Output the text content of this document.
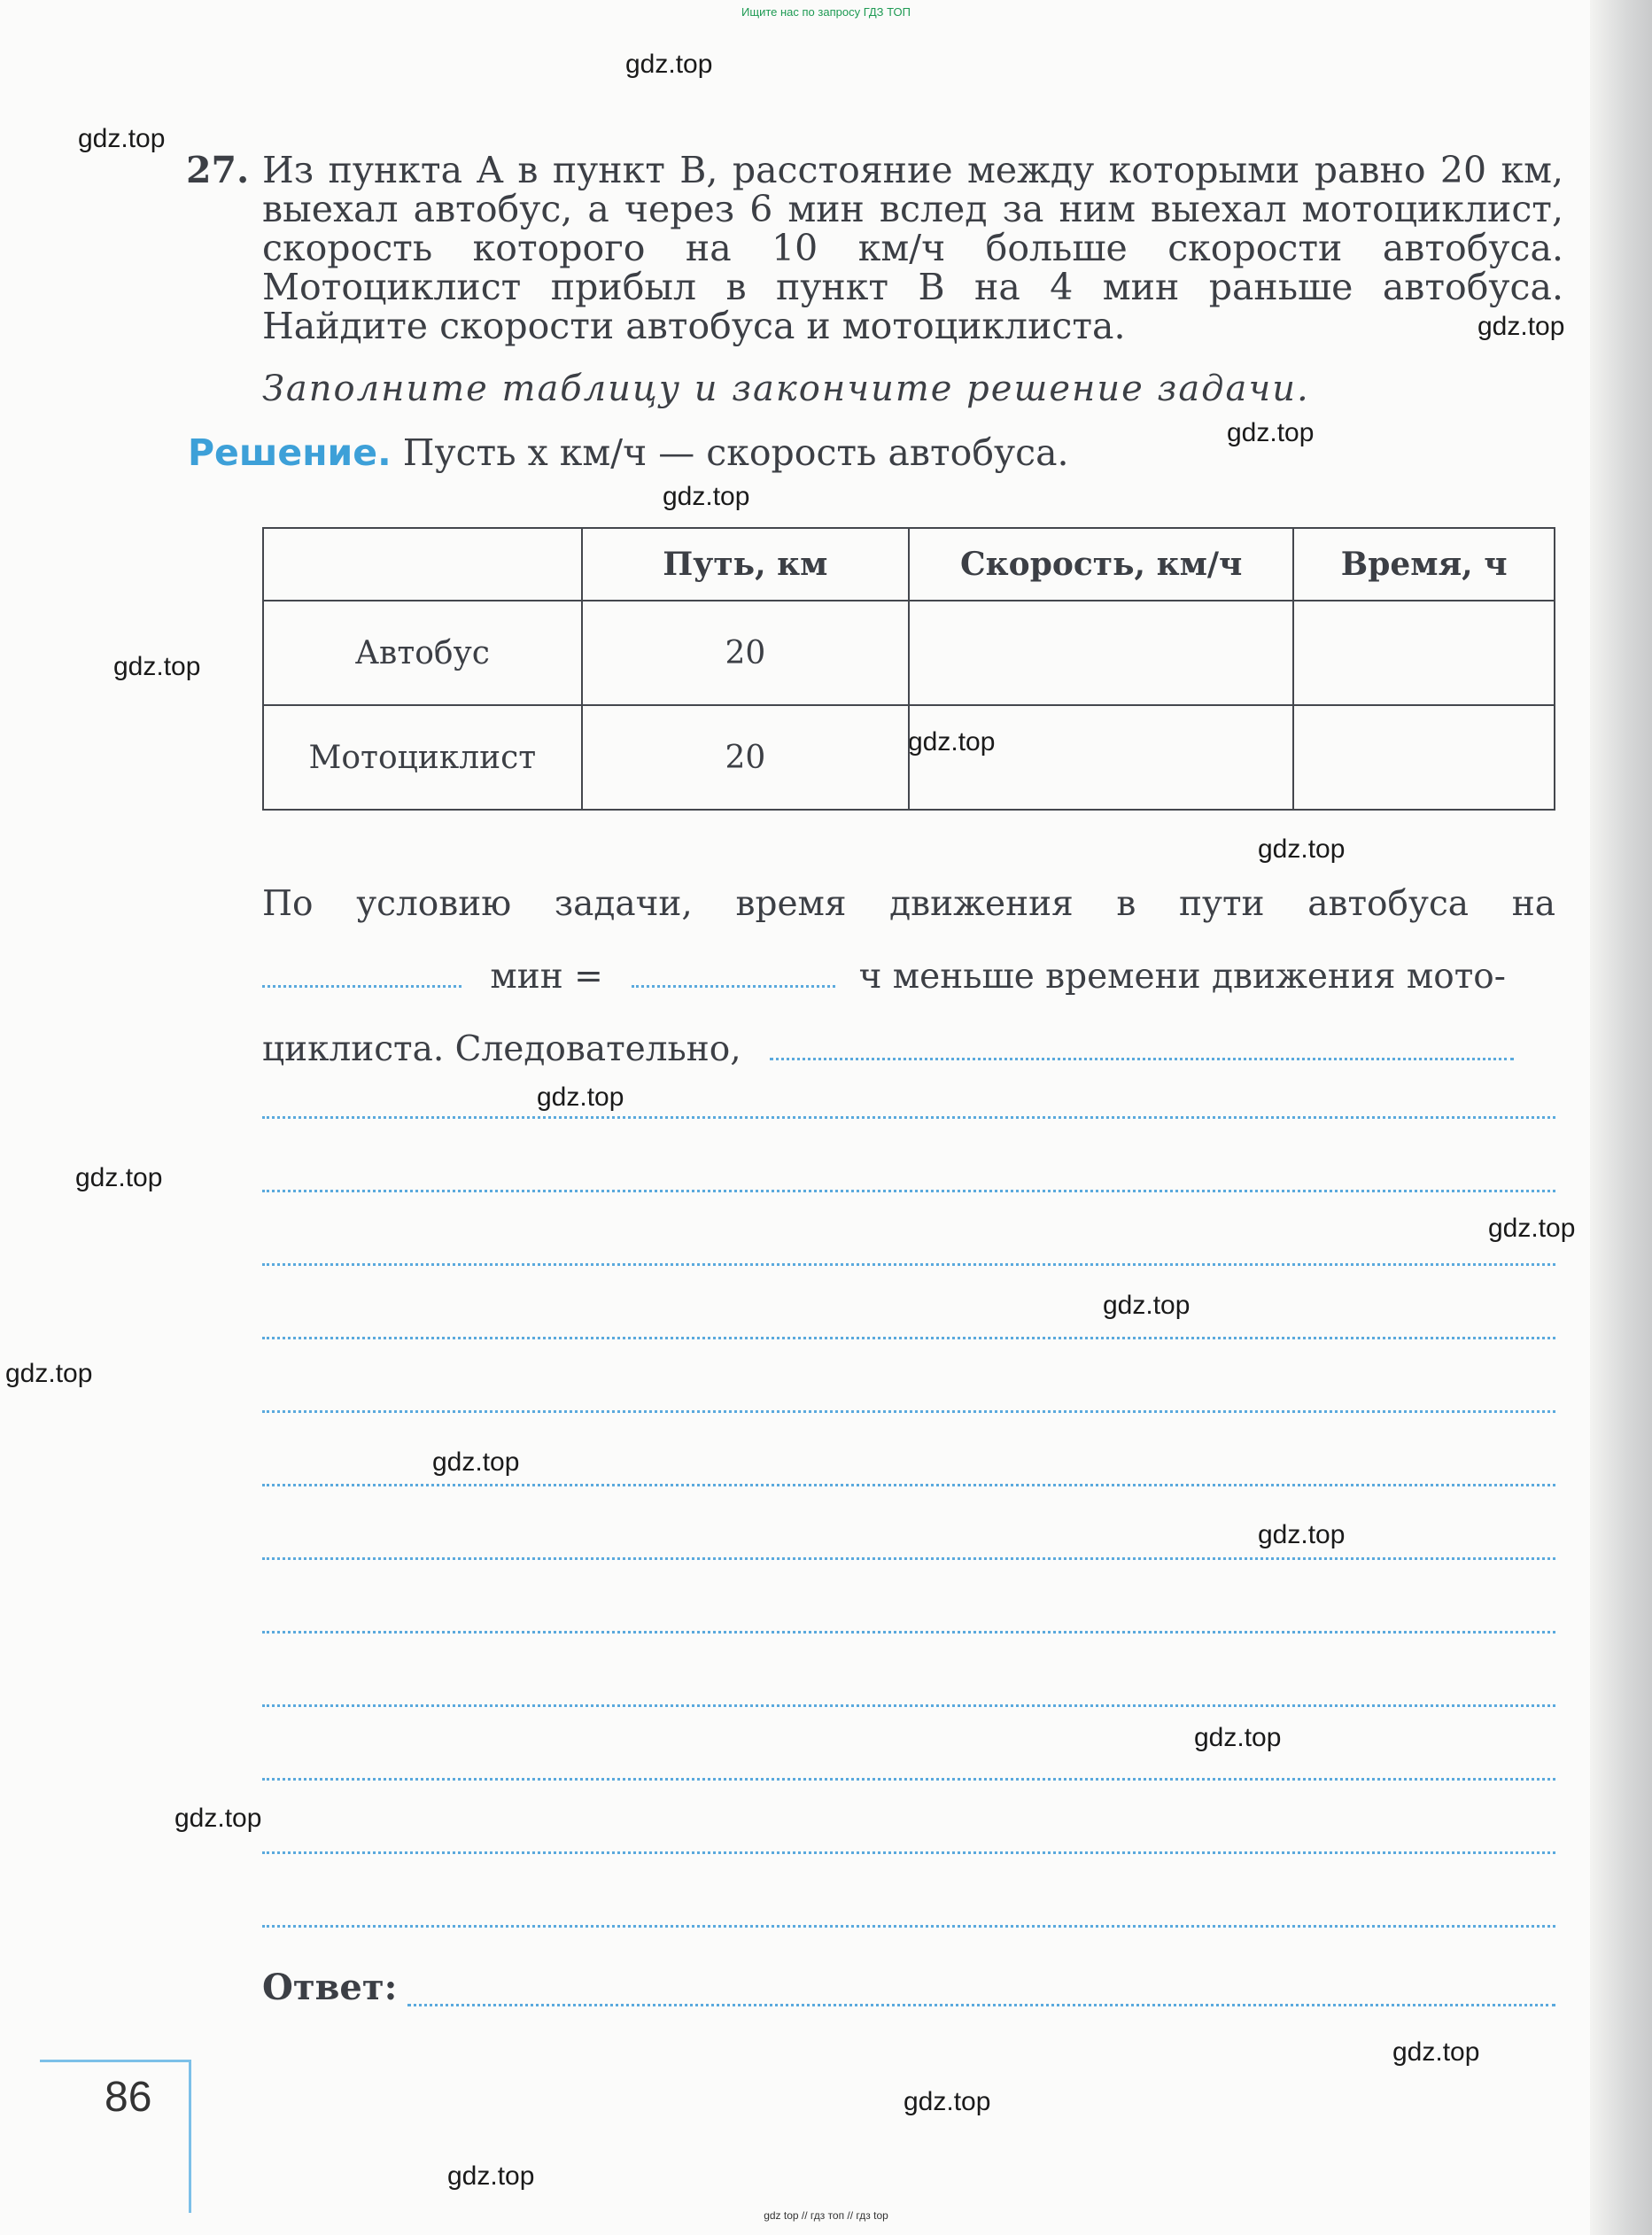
Ищите нас по запросу ГДЗ ТОП
gdz.top
gdz.top
gdz.top
gdz.top
gdz.top
gdz.top
gdz.top
gdz.top
gdz.top
gdz.top
gdz.top
gdz.top
gdz.top
gdz.top
gdz.top
gdz.top
gdz.top
gdz.top
gdz.top
gdz.top
27. Из пункта A в пункт B, расстояние между которыми равно 20 км, выехал автобус, а через 6 мин вслед за ним выехал мотоциклист, скорость которого на 10 км/ч больше скорости автобуса. Мотоциклист прибыл в пункт B на 4 мин раньше автобуса. Найдите скорости автобуса и мотоциклиста.
Заполните таблицу и закончите решение задачи.
Решение. Пусть x км/ч — скорость автобуса.
	Путь, км	Скорость, км/ч	Время, ч
Автобус	20		
Мотоциклист	20		
По условию задачи, время движения в пути автобуса на
мин =	ч меньше времени движения мото-
циклиста. Следовательно,
Ответ:
86
gdz top // гдз топ // гдз top
